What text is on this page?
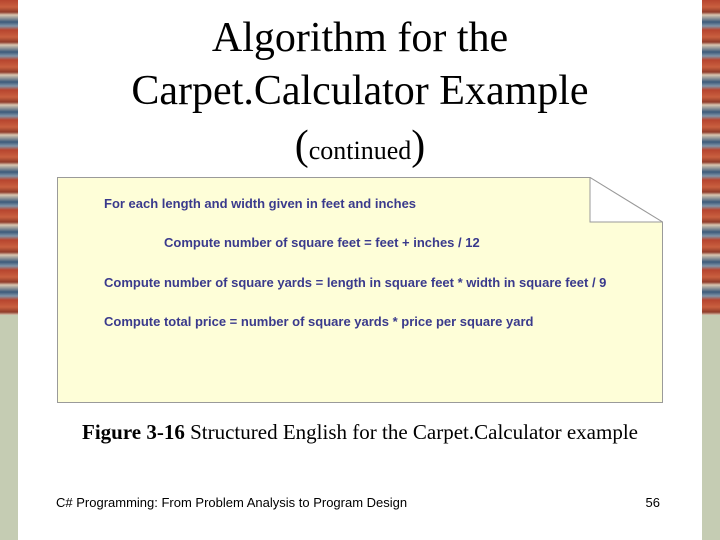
Algorithm for the
Carpet.Calculator Example
(continued)
For each length and width given in feet and inches
Compute number of square feet = feet + inches / 12
Compute number of square yards = length in square feet * width in square feet / 9
Compute total price = number of square yards * price per square yard
Figure 3-16 Structured English for the Carpet.Calculator example
C# Programming: From Problem Analysis to Program Design	56
